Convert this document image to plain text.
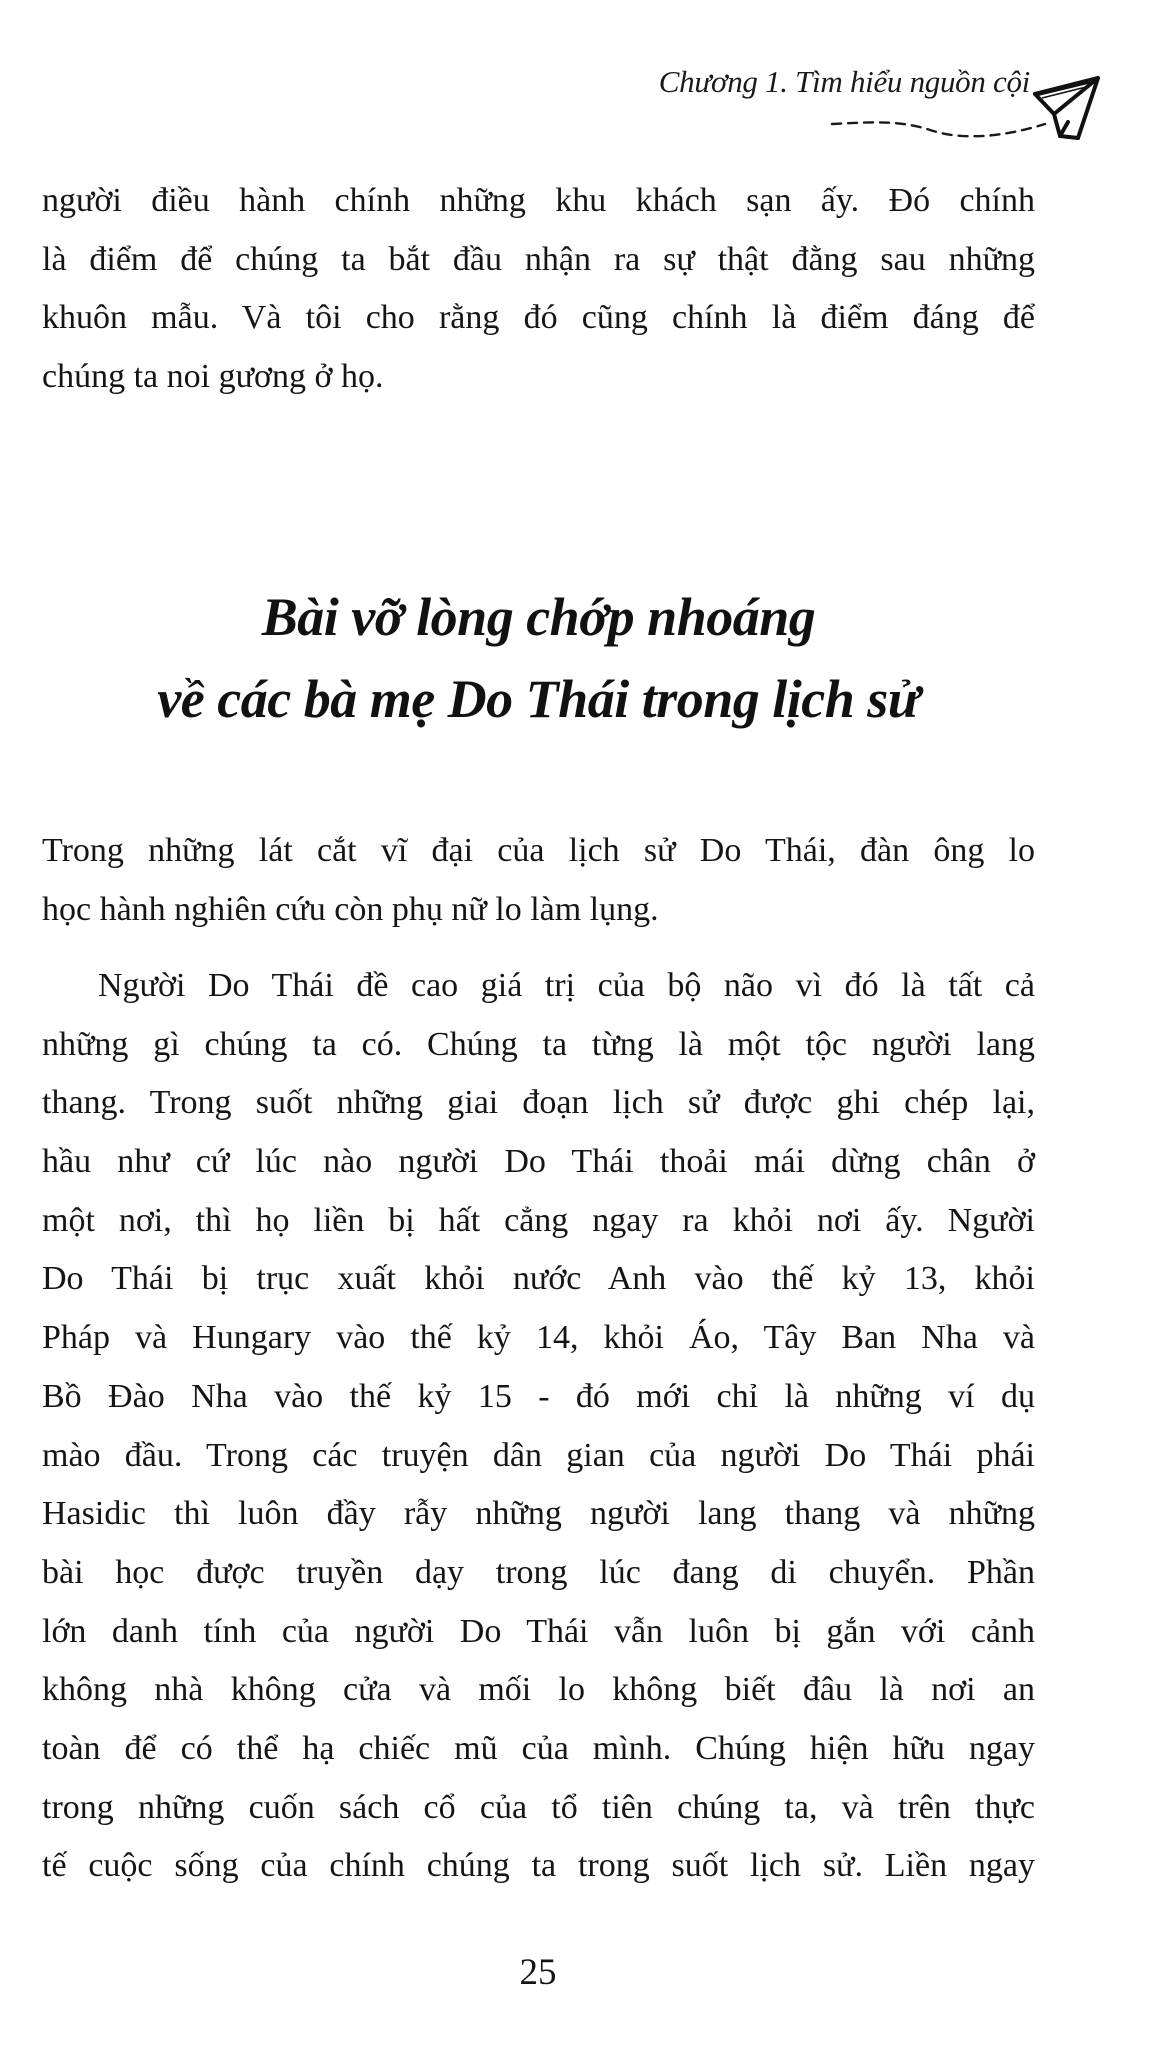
Chương 1. Tìm hiểu nguồn cội
người điều hành chính những khu khách sạn ấy. Đó chính
là điểm để chúng ta bắt đầu nhận ra sự thật đằng sau những
khuôn mẫu. Và tôi cho rằng đó cũng chính là điểm đáng để
chúng ta noi gương ở họ.
Bài vỡ lòng chớp nhoáng
về các bà mẹ Do Thái trong lịch sử
Trong những lát cắt vĩ đại của lịch sử Do Thái, đàn ông lo
học hành nghiên cứu còn phụ nữ lo làm lụng.
Người Do Thái đề cao giá trị của bộ não vì đó là tất cả
những gì chúng ta có. Chúng ta từng là một tộc người lang
thang. Trong suốt những giai đoạn lịch sử được ghi chép lại,
hầu như cứ lúc nào người Do Thái thoải mái dừng chân ở
một nơi, thì họ liền bị hất cẳng ngay ra khỏi nơi ấy. Người
Do Thái bị trục xuất khỏi nước Anh vào thế kỷ 13, khỏi
Pháp và Hungary vào thế kỷ 14, khỏi Áo, Tây Ban Nha và
Bồ Đào Nha vào thế kỷ 15 - đó mới chỉ là những ví dụ
mào đầu. Trong các truyện dân gian của người Do Thái phái
Hasidic thì luôn đầy rẫy những người lang thang và những
bài học được truyền dạy trong lúc đang di chuyển. Phần
lớn danh tính của người Do Thái vẫn luôn bị gắn với cảnh
không nhà không cửa và mối lo không biết đâu là nơi an
toàn để có thể hạ chiếc mũ của mình. Chúng hiện hữu ngay
trong những cuốn sách cổ của tổ tiên chúng ta, và trên thực
tế cuộc sống của chính chúng ta trong suốt lịch sử. Liền ngay
25
